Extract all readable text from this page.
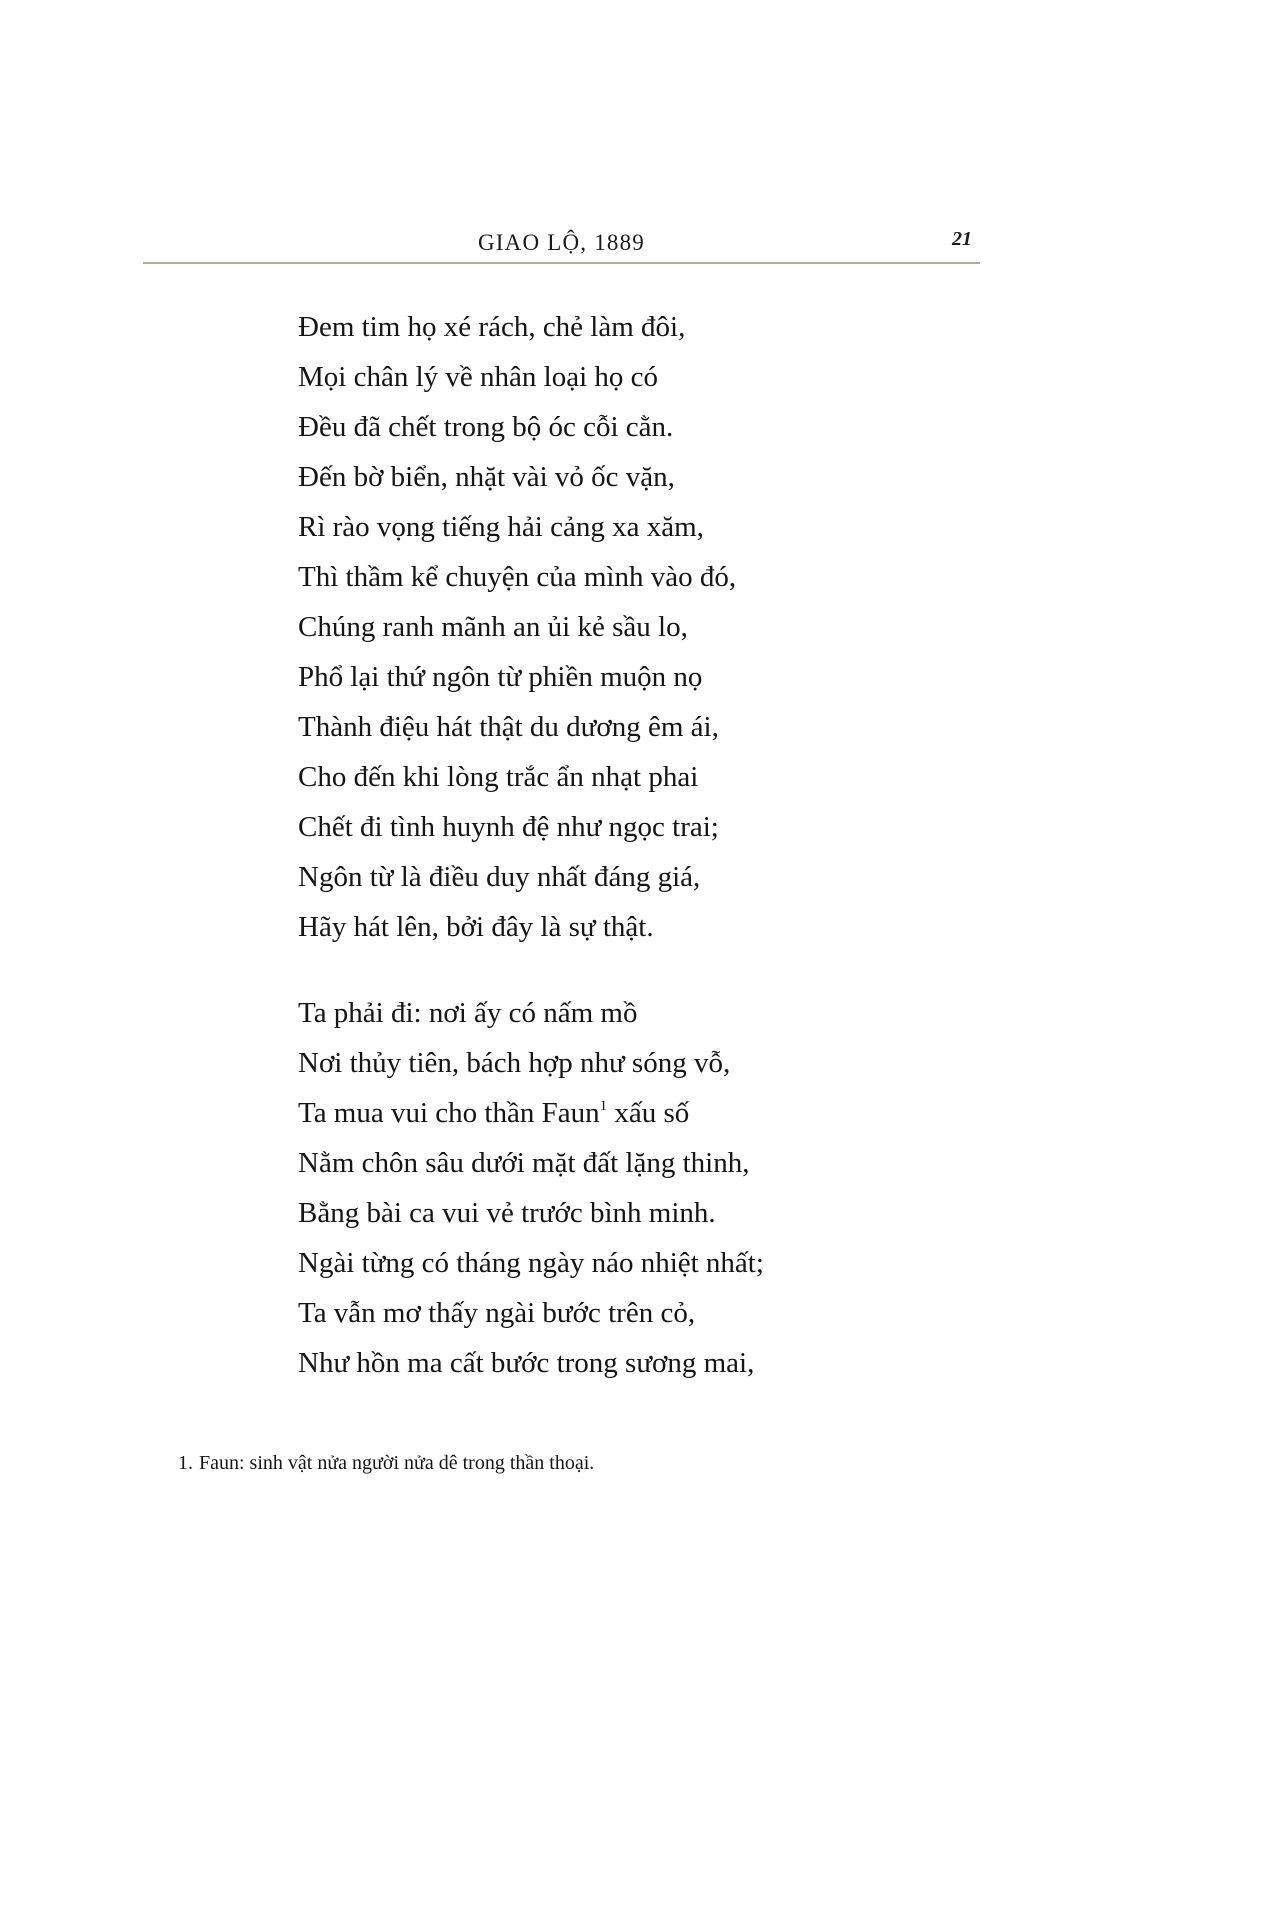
GIAO LỘ, 1889	21
Đem tim họ xé rách, chẻ làm đôi,
Mọi chân lý về nhân loại họ có
Đều đã chết trong bộ óc cỗi cằn.
Đến bờ biển, nhặt vài vỏ ốc vặn,
Rì rào vọng tiếng hải cảng xa xăm,
Thì thầm kể chuyện của mình vào đó,
Chúng ranh mãnh an ủi kẻ sầu lo,
Phổ lại thứ ngôn từ phiền muộn nọ
Thành điệu hát thật du dương êm ái,
Cho đến khi lòng trắc ẩn nhạt phai
Chết đi tình huynh đệ như ngọc trai;
Ngôn từ là điều duy nhất đáng giá,
Hãy hát lên, bởi đây là sự thật.
Ta phải đi: nơi ấy có nấm mồ
Nơi thủy tiên, bách hợp như sóng vỗ,
Ta mua vui cho thần Faun$^1$ xấu số
Nằm chôn sâu dưới mặt đất lặng thinh,
Bằng bài ca vui vẻ trước bình minh.
Ngài từng có tháng ngày náo nhiệt nhất;
Ta vẫn mơ thấy ngài bước trên cỏ,
Như hồn ma cất bước trong sương mai,
1. Faun: sinh vật nửa người nửa dê trong thần thoại.
